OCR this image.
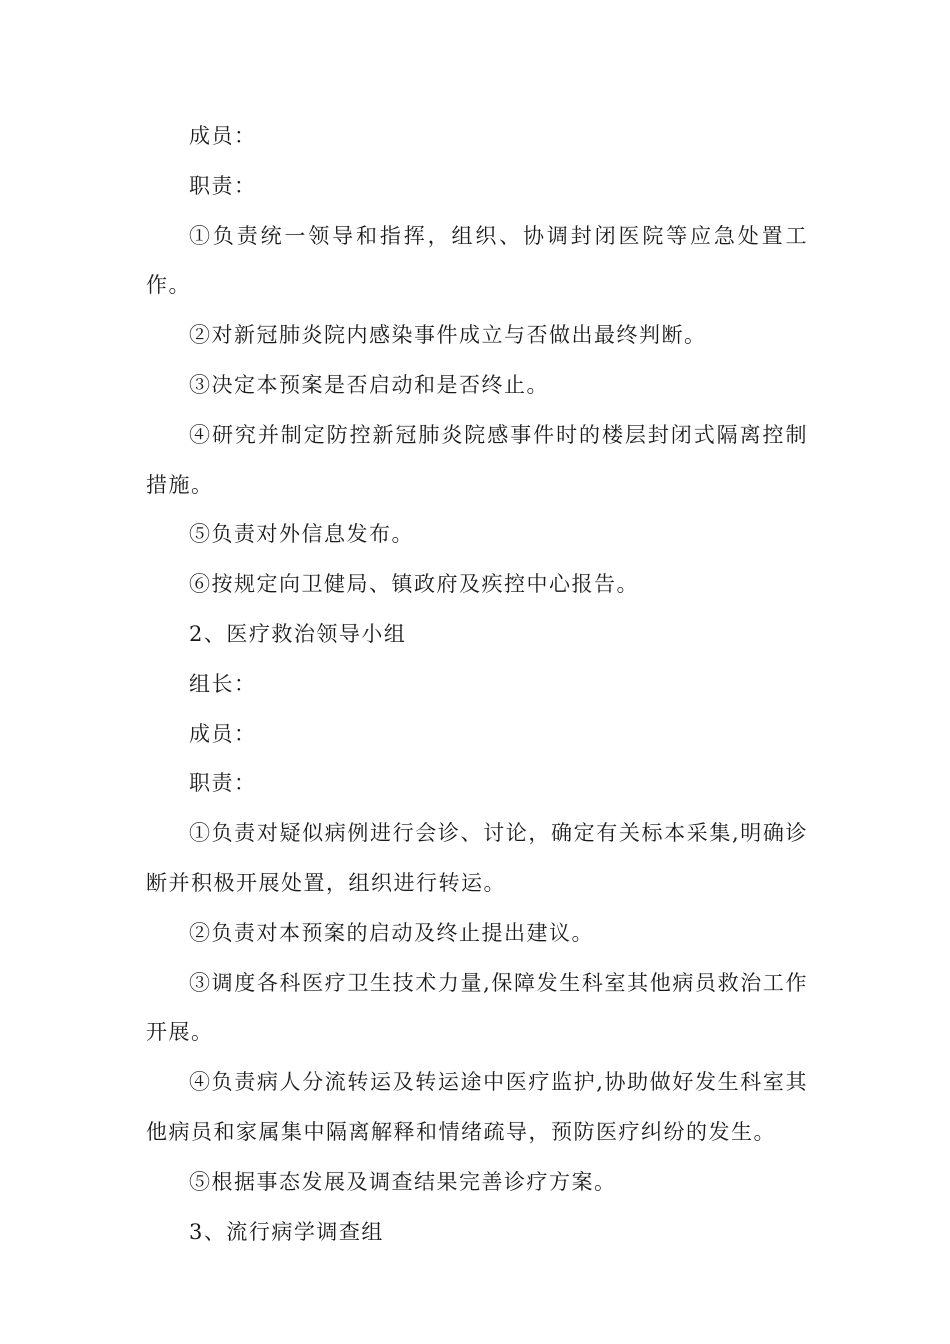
成员：

职责：

①负责统一领导和指挥，组织、协调封闭医院等应急处置工作。

②对新冠肺炎院内感染事件成立与否做出最终判断。

③决定本预案是否启动和是否终止。

④研究并制定防控新冠肺炎院感事件时的楼层封闭式隔离控制措施。

⑤负责对外信息发布。

⑥按规定向卫健局、镇政府及疾控中心报告。

2、医疗救治领导小组

组长：

成员：

职责：

①负责对疑似病例进行会诊、讨论，确定有关标本采集,明确诊断并积极开展处置，组织进行转运。

②负责对本预案的启动及终止提出建议。

③调度各科医疗卫生技术力量,保障发生科室其他病员救治工作开展。

④负责病人分流转运及转运途中医疗监护,协助做好发生科室其他病员和家属集中隔离解释和情绪疏导，预防医疗纠纷的发生。

⑤根据事态发展及调查结果完善诊疗方案。

3、流行病学调查组
